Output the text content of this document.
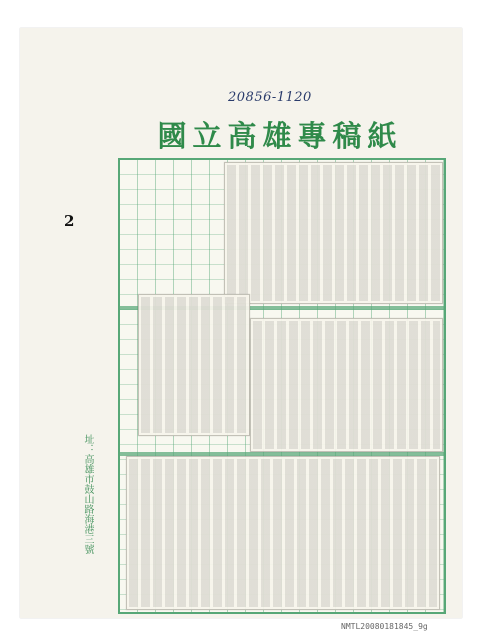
20856-1120
國立高雄專稿紙
2
址：高雄市鼓山路海港三號
NMTL20080181845_9g
